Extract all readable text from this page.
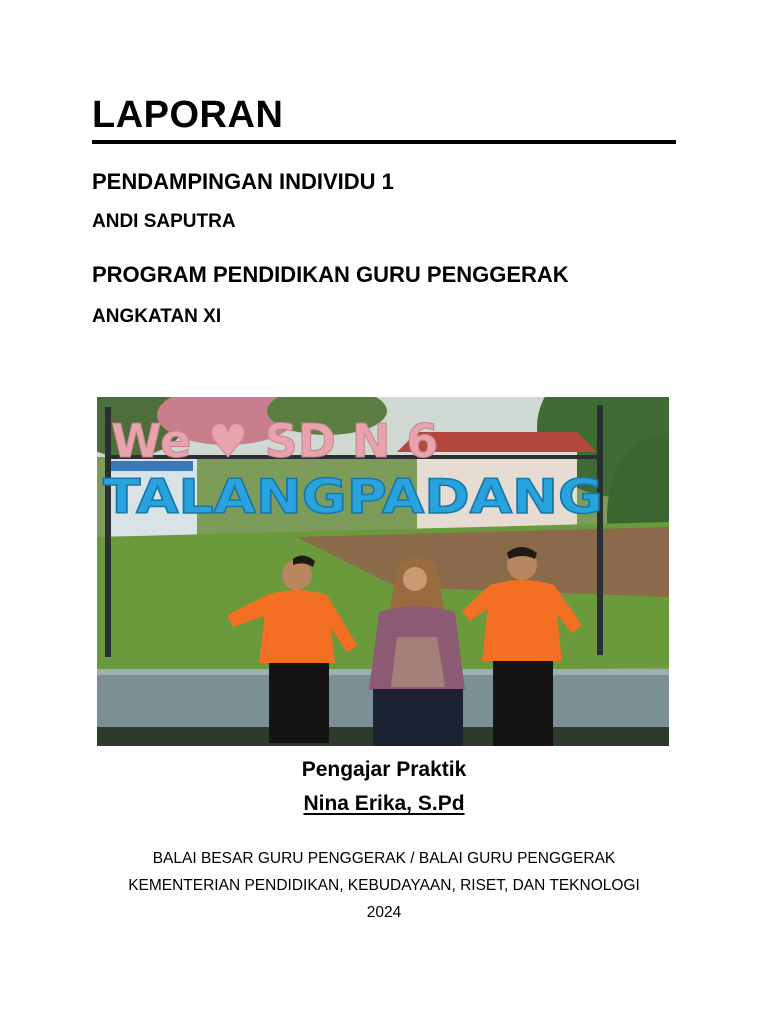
LAPORAN
PENDAMPINGAN INDIVIDU 1
ANDI SAPUTRA
PROGRAM PENDIDIKAN GURU PENGGERAK
ANGKATAN XI
We ♥ SD N 6
TALANGPADANG
Pengajar Praktik
Nina Erika, S.Pd
BALAI BESAR GURU PENGGERAK / BALAI GURU PENGGERAK
KEMENTERIAN PENDIDIKAN, KEBUDAYAAN, RISET, DAN TEKNOLOGI
2024
